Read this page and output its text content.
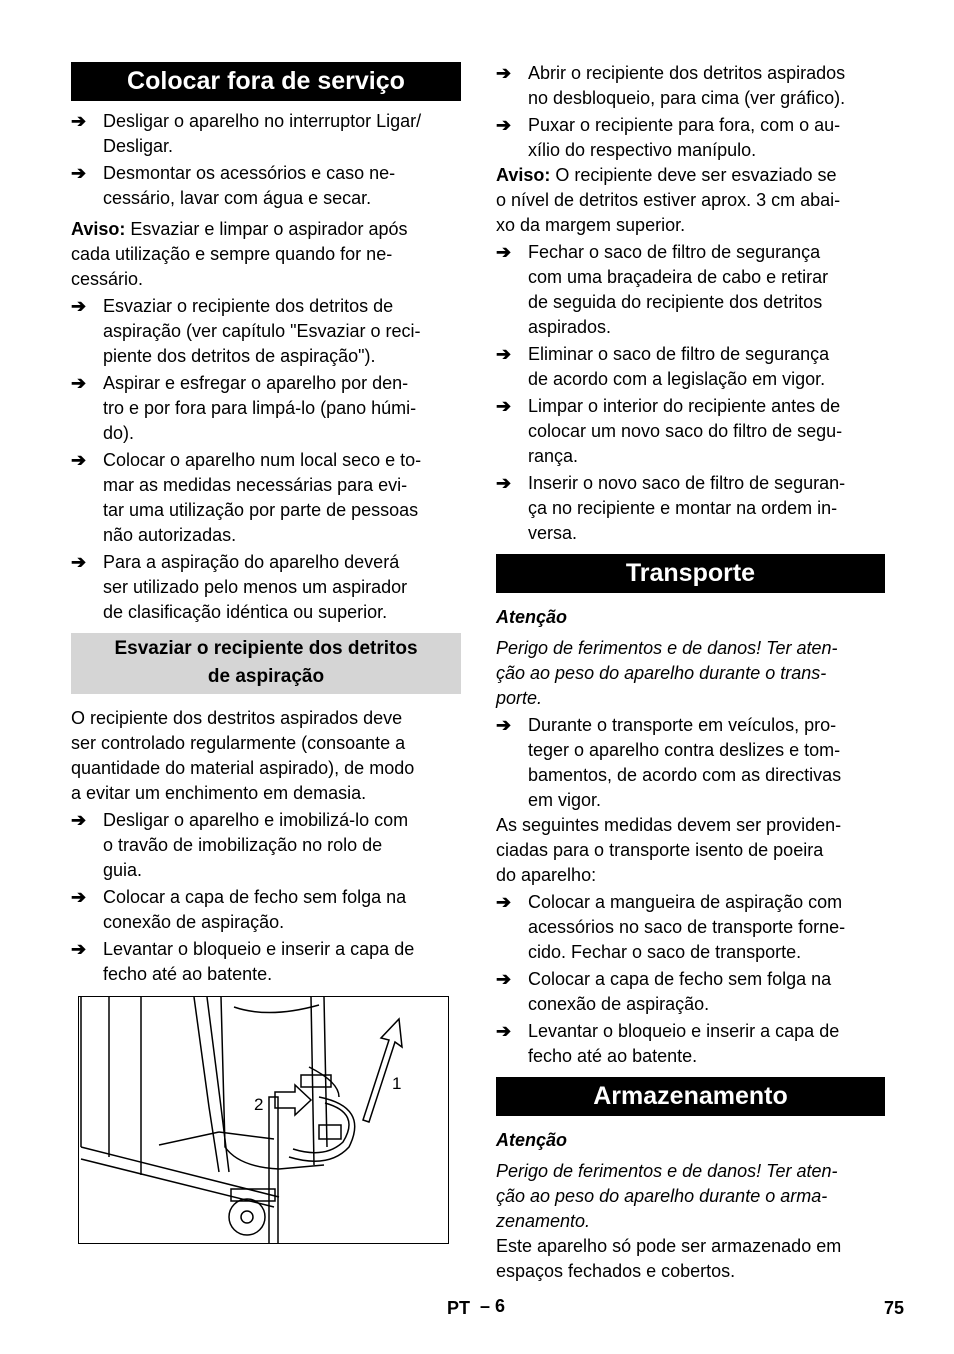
Colocar fora de serviço
➔ Desligar o aparelho no interruptor Ligar/
Desligar.
➔ Desmontar os acessórios e caso ne-
cessário, lavar com água e secar.
Aviso: Esvaziar e limpar o aspirador após
cada utilização e sempre quando for ne-
cessário.
➔ Esvaziar o recipiente dos detritos de
aspiração (ver capítulo "Esvaziar o reci-
piente dos detritos de aspiração").
➔ Aspirar e esfregar o aparelho por den-
tro e por fora para limpá-lo (pano húmi-
do).
➔ Colocar o aparelho num local seco e to-
mar as medidas necessárias para evi-
tar uma utilização por parte de pessoas
não autorizadas.
➔ Para a aspiração do aparelho deverá
ser utilizado pelo menos um aspirador
de clasificação idéntica ou superior.
Esvaziar o recipiente dos detritos
de aspiração
O recipiente dos destritos aspirados deve
ser controlado regularmente (consoante a
quantidade do material aspirado), de modo
a evitar um enchimento em demasia.
➔ Desligar o aparelho e imobilizá-lo com
o travão de imobilização no rolo de
guia.
➔ Colocar a capa de fecho sem folga na
conexão de aspiração.
➔ Levantar o bloqueio e inserir a capa de
fecho até ao batente.
1
2
➔ Abrir o recipiente dos detritos aspirados
no desbloqueio, para cima (ver gráfico).
➔ Puxar o recipiente para fora, com o au-
xílio do respectivo manípulo.
Aviso: O recipiente deve ser esvaziado se
o nível de detritos estiver aprox. 3 cm abai-
xo da margem superior.
➔ Fechar o saco de filtro de segurança
com uma braçadeira de cabo e retirar
de seguida do recipiente dos detritos
aspirados.
➔ Eliminar o saco de filtro de segurança
de acordo com a legislação em vigor.
➔ Limpar o interior do recipiente antes de
colocar um novo saco do filtro de segu-
rança.
➔ Inserir o novo saco de filtro de seguran-
ça no recipiente e montar na ordem in-
versa.
Transporte
Atenção
Perigo de ferimentos e de danos! Ter aten-
ção ao peso do aparelho durante o trans-
porte.
➔ Durante o transporte em veículos, pro-
teger o aparelho contra deslizes e tom-
bamentos, de acordo com as directivas
em vigor.
As seguintes medidas devem ser providen-
ciadas para o transporte isento de poeira
do aparelho:
➔ Colocar a mangueira de aspiração com
acessórios no saco de transporte forne-
cido. Fechar o saco de transporte.
➔ Colocar a capa de fecho sem folga na
conexão de aspiração.
➔ Levantar o bloqueio e inserir a capa de
fecho até ao batente.
Armazenamento
Atenção
Perigo de ferimentos e de danos! Ter aten-
ção ao peso do aparelho durante o arma-
zenamento.
Este aparelho só pode ser armazenado em
espaços fechados e cobertos.
PT – 6	75
